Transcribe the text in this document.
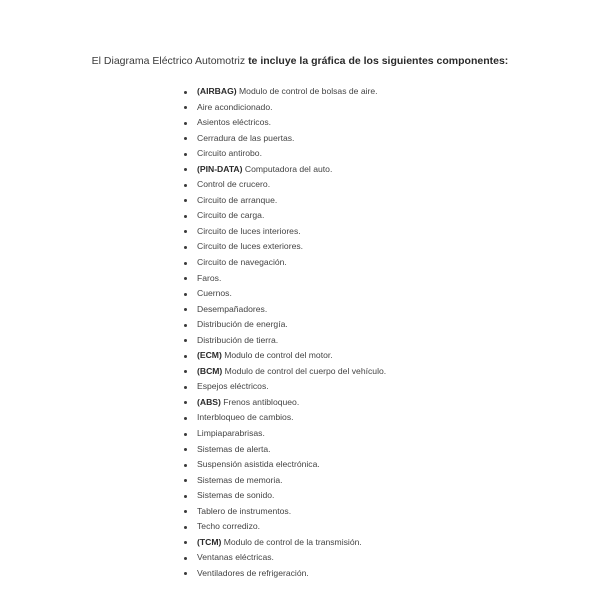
El Diagrama Eléctrico Automotriz te incluye la gráfica de los siguientes componentes:

(AIRBAG) Modulo de control de bolsas de aire.
Aire acondicionado.
Asientos eléctricos.
Cerradura de las puertas.
Circuito antirobo.
(PIN-DATA) Computadora del auto.
Control de crucero.
Circuito de arranque.
Circuito de carga.
Circuito de luces interiores.
Circuito de luces exteriores.
Circuito de navegación.
Faros.
Cuernos.
Desempañadores.
Distribución de energía.
Distribución de tierra.
(ECM) Modulo de control del motor.
(BCM) Modulo de control del cuerpo del vehículo.
Espejos eléctricos.
(ABS) Frenos antibloqueo.
Interbloqueo de cambios.
Limpiaparabrisas.
Sistemas de alerta.
Suspensión asistida electrónica.
Sistemas de memoria.
Sistemas de sonido.
Tablero de instrumentos.
Techo corredizo.
(TCM) Modulo de control de la transmisión.
Ventanas eléctricas.
Ventiladores de refrigeración.
